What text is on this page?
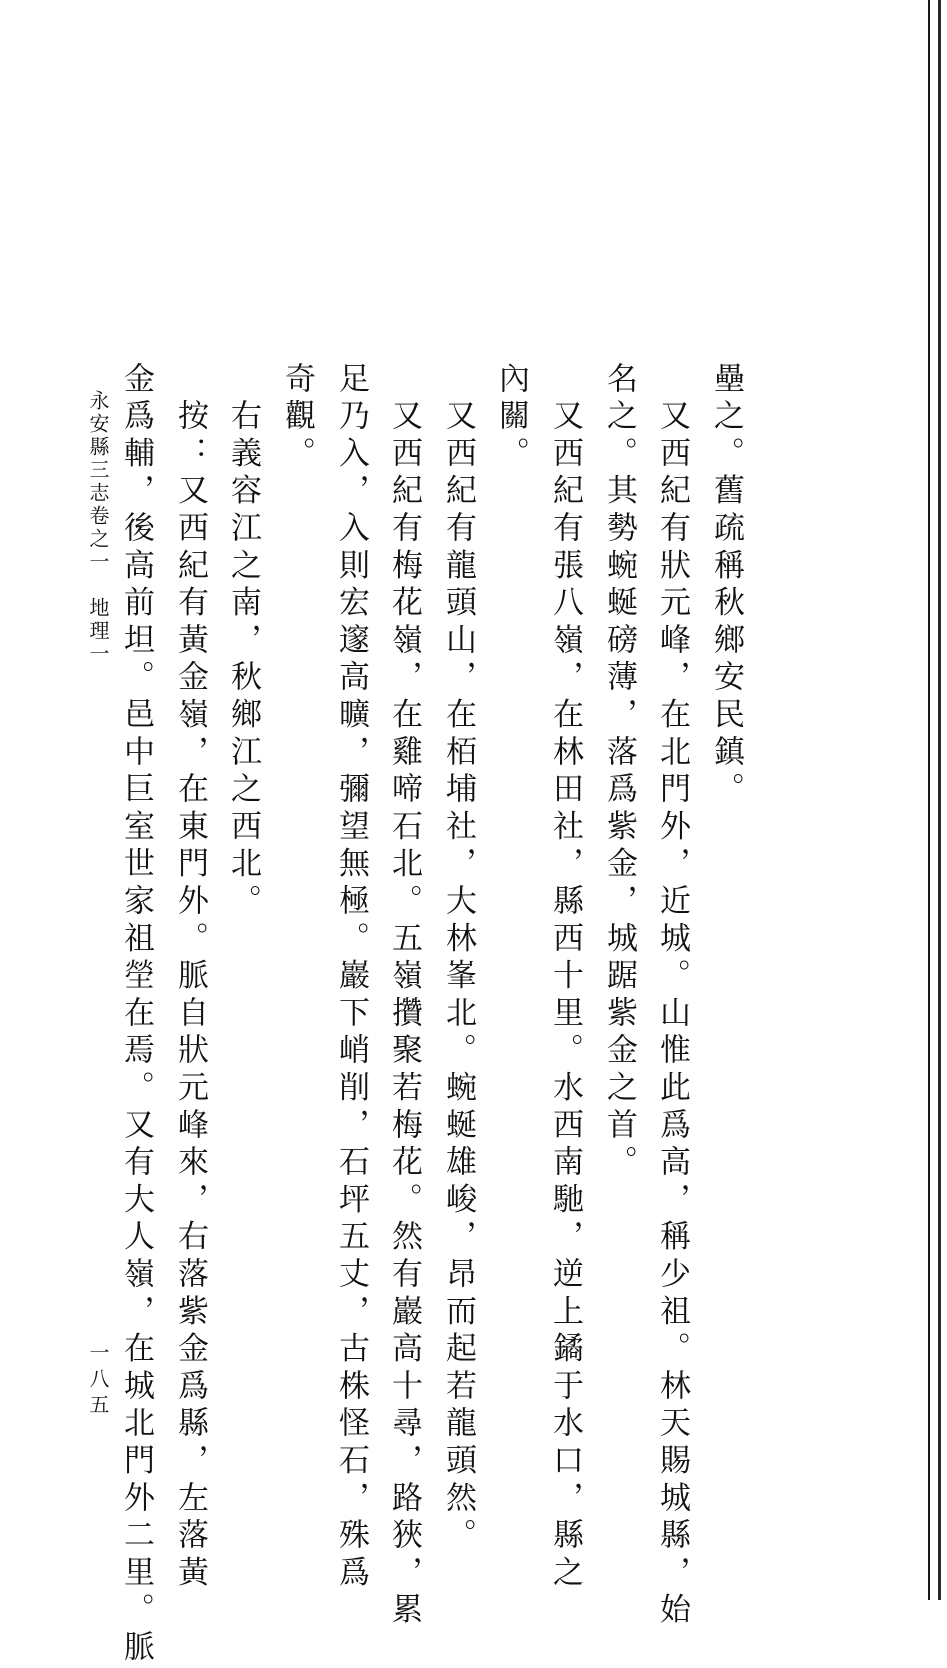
壘之。舊疏稱秋鄉安民鎮。
　又西紀有狀元峰，在北門外，近城。山惟此爲高，稱少祖。林天賜城縣，始
名之。其勢蜿蜒磅薄，落爲紫金，城踞紫金之首。
　又西紀有張八嶺，在林田社，縣西十里。水西南馳，逆上鐍于水口，縣之
內關。
　又西紀有龍頭山，在栢埔社，大林峯北。蜿蜒雄峻，昂而起若龍頭然。
　又西紀有梅花嶺，在雞啼石北。五嶺攢聚若梅花。然有巖高十尋，路狹，累
足乃入，入則宏邃高曠，彌望無極。巖下峭削，石坪五丈，古株怪石，殊爲
奇觀。
　右義容江之南，秋鄉江之西北。
　按：又西紀有黃金嶺，在東門外。脈自狀元峰來，右落紫金爲縣，左落黃
金爲輔，後高前坦。邑中巨室世家祖塋在焉。又有大人嶺，在城北門外二里。脈
永安縣三志卷之一　地理一
一八五
